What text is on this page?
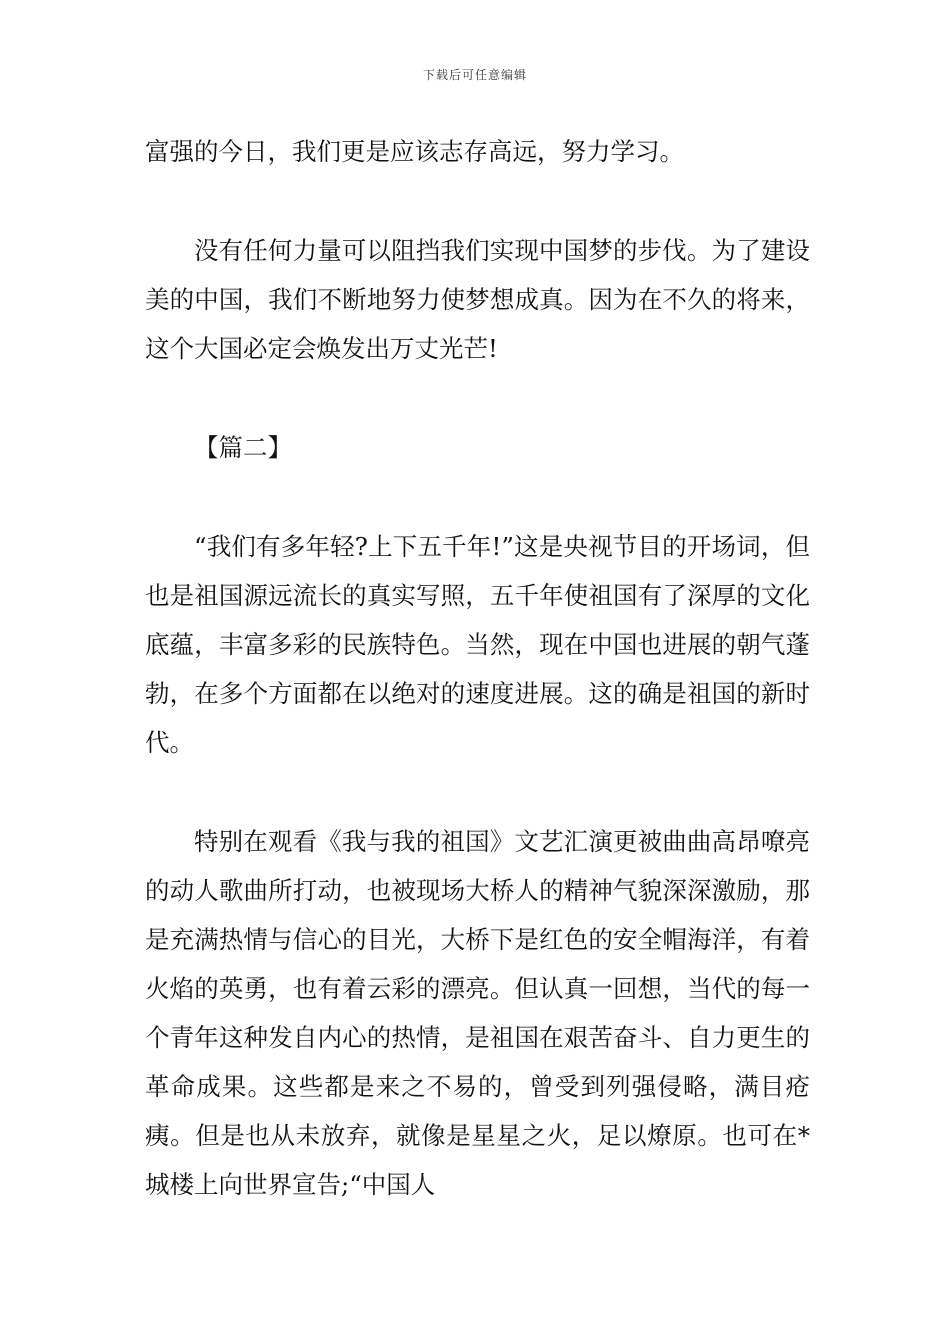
下载后可任意编辑

富强的今日，我们更是应该志存高远，努力学习。

没有任何力量可以阻挡我们实现中国梦的步伐。为了建设美的中国，我们不断地努力使梦想成真。因为在不久的将来，这个大国必定会焕发出万丈光芒!

【篇二】

“我们有多年轻?上下五千年!”这是央视节目的开场词，但也是祖国源远流长的真实写照，五千年使祖国有了深厚的文化底蕴，丰富多彩的民族特色。当然，现在中国也进展的朝气蓬勃，在多个方面都在以绝对的速度进展。这的确是祖国的新时代。

特别在观看《我与我的祖国》文艺汇演更被曲曲高昂嘹亮的动人歌曲所打动，也被现场大桥人的精神气貌深深激励，那是充满热情与信心的目光，大桥下是红色的安全帽海洋，有着火焰的英勇，也有着云彩的漂亮。但认真一回想，当代的每一个青年这种发自内心的热情，是祖国在艰苦奋斗、自力更生的革命成果。这些都是来之不易的，曾受到列强侵略，满目疮痍。但是也从未放弃，就像是星星之火，足以燎原。也可在*城楼上向世界宣告;“中国人
